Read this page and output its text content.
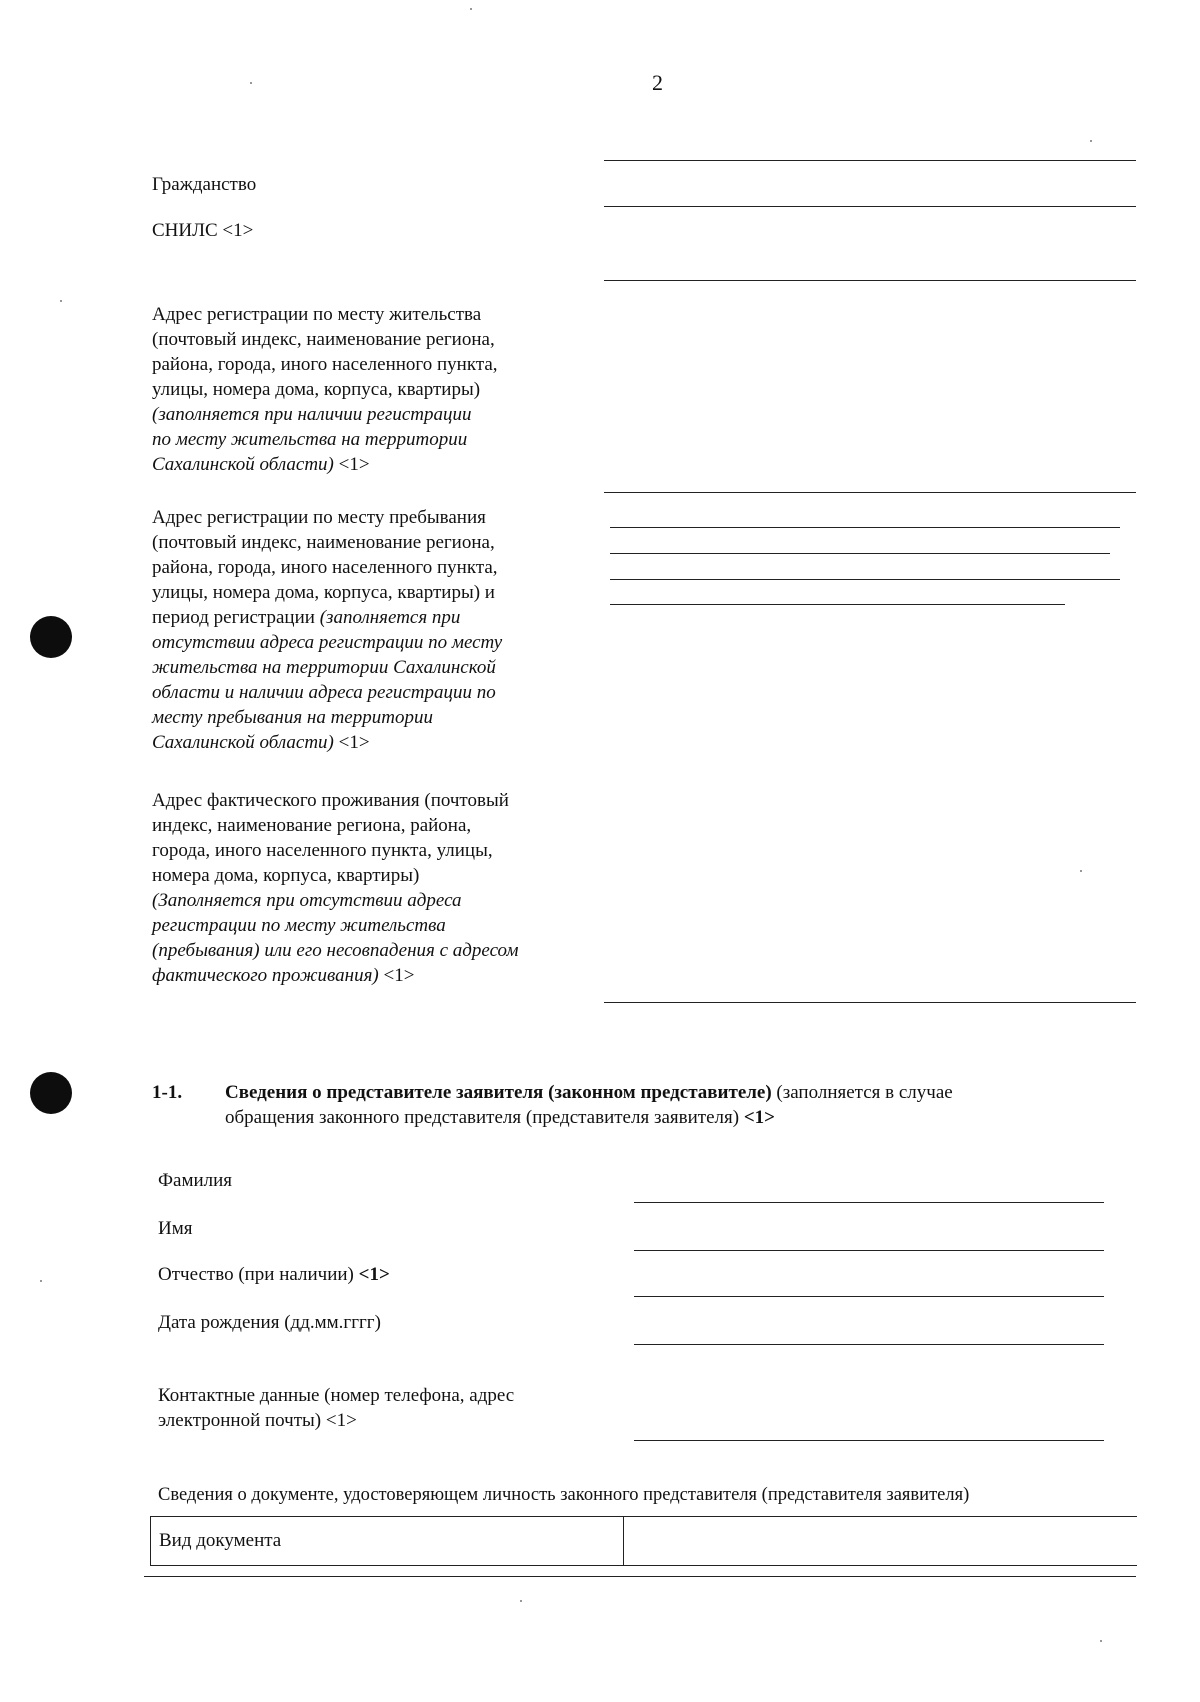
2
Гражданство
СНИЛС <1>
Адрес регистрации по месту жительства
(почтовый индекс, наименование региона,
района, города, иного населенного пункта,
улицы, номера дома, корпуса, квартиры)
(заполняется при наличии регистрации
по месту жительства на территории
Сахалинской области) <1>
Адрес регистрации по месту пребывания
(почтовый индекс, наименование региона,
района, города, иного населенного пункта,
улицы, номера дома, корпуса, квартиры) и
период регистрации (заполняется при
отсутствии адреса регистрации по месту
жительства на территории Сахалинской
области и наличии адреса регистрации по
месту пребывания на территории
Сахалинской области) <1>
Адрес фактического проживания (почтовый
индекс, наименование региона, района,
города, иного населенного пункта, улицы,
номера дома, корпуса, квартиры)
(Заполняется при отсутствии адреса
регистрации по месту жительства
(пребывания) или его несовпадения с адресом
фактического проживания) <1>
1-1. Сведения о представителе заявителя (законном представителе) (заполняется в случае
обращения законного представителя (представителя заявителя) <1>
Фамилия
Имя
Отчество (при наличии) <1>
Дата рождения (дд.мм.гггг)
Контактные данные (номер телефона, адрес
электронной почты) <1>
Сведения о документе, удостоверяющем личность законного представителя (представителя заявителя)
Вид документа
